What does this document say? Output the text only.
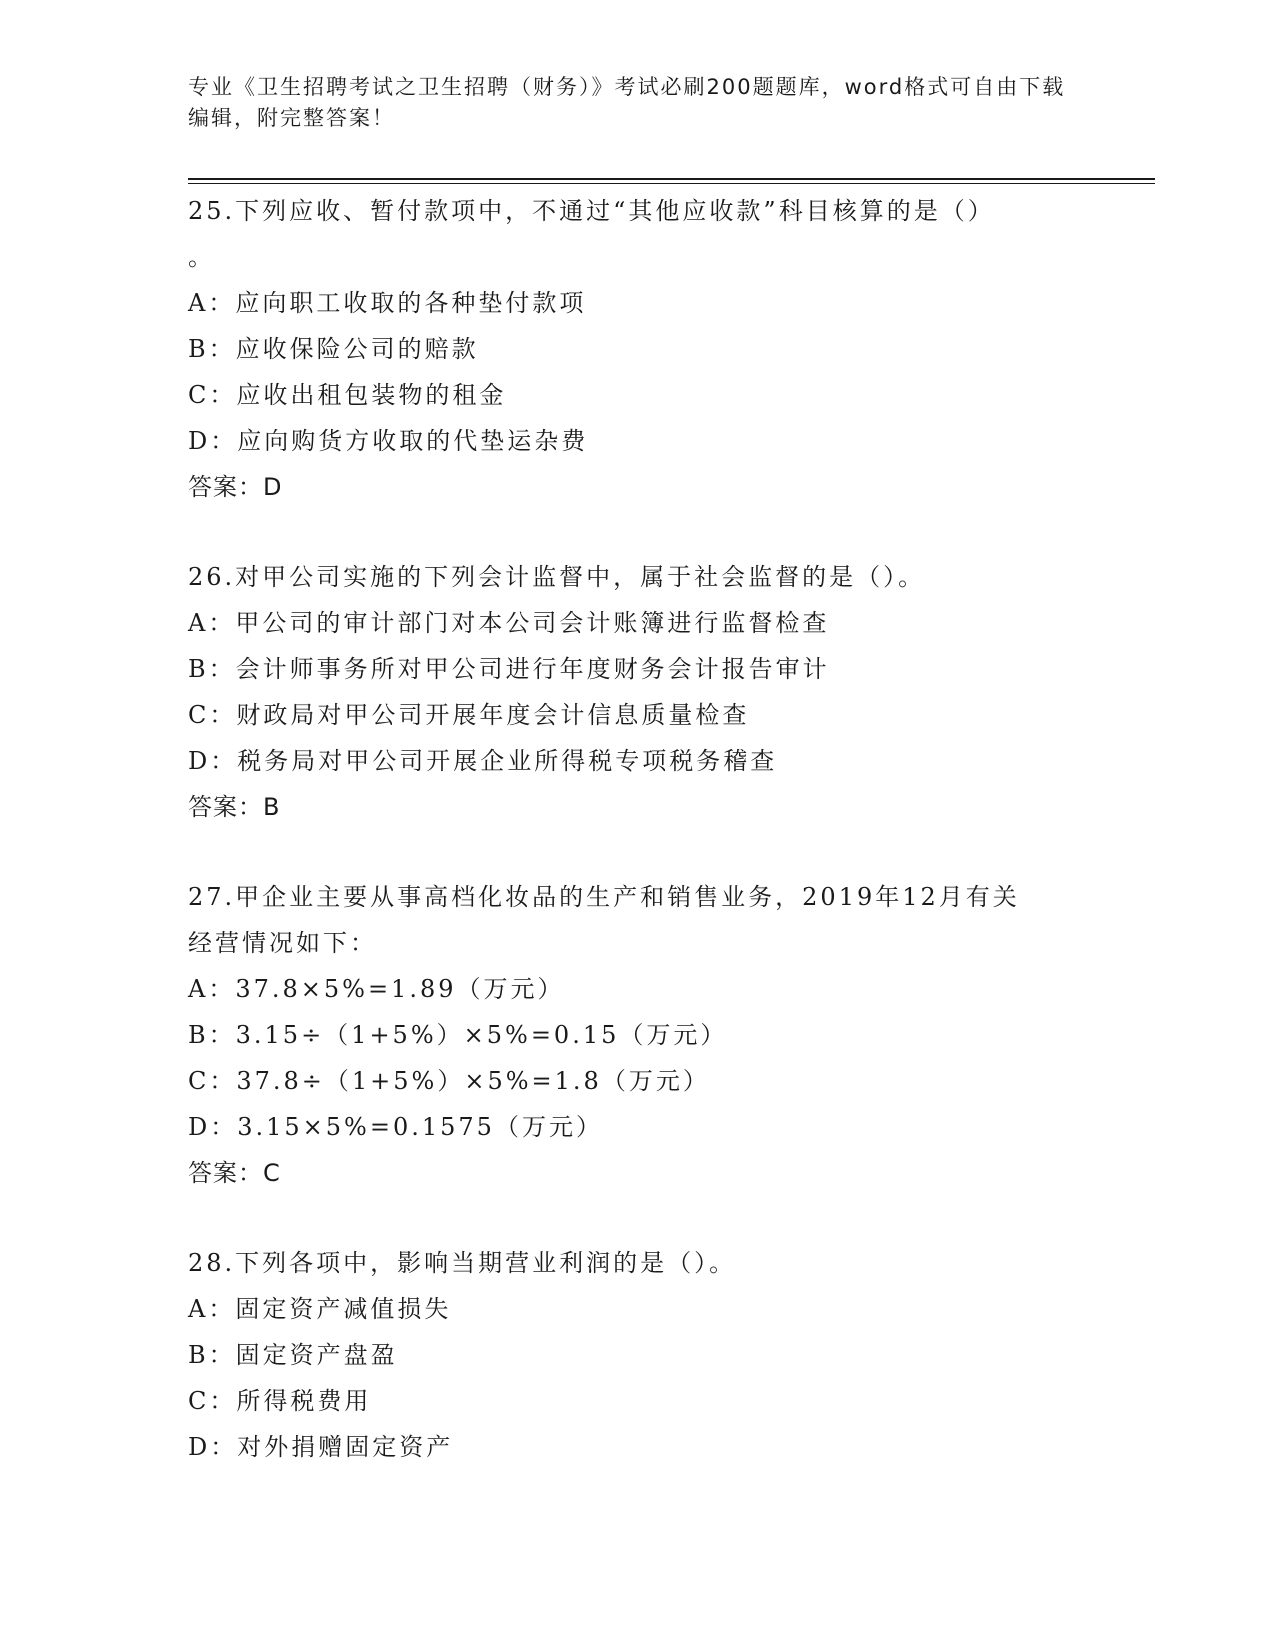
专业《卫生招聘考试之卫生招聘（财务）》考试必刷200题题库，word格式可自由下载编辑，附完整答案！

25.下列应收、暂付款项中，不通过“其他应收款”科目核算的是（）

。

A：应向职工收取的各种垫付款项

B：应收保险公司的赔款

C：应收出租包装物的租金

D：应向购货方收取的代垫运杂费

答案：D

26.对甲公司实施的下列会计监督中，属于社会监督的是（）。

A：甲公司的审计部门对本公司会计账簿进行监督检查

B：会计师事务所对甲公司进行年度财务会计报告审计

C：财政局对甲公司开展年度会计信息质量检查

D：税务局对甲公司开展企业所得税专项税务稽查

答案：B

27.甲企业主要从事高档化妆品的生产和销售业务，2019年12月有关

经营情况如下：

A：37.8×5%=1.89（万元）

B：3.15÷（1+5%）×5%=0.15（万元）

C：37.8÷（1+5%）×5%=1.8（万元）

D：3.15×5%=0.1575（万元）

答案：C

28.下列各项中，影响当期营业利润的是（）。

A：固定资产减值损失

B：固定资产盘盈

C：所得税费用

D：对外捐赠固定资产
